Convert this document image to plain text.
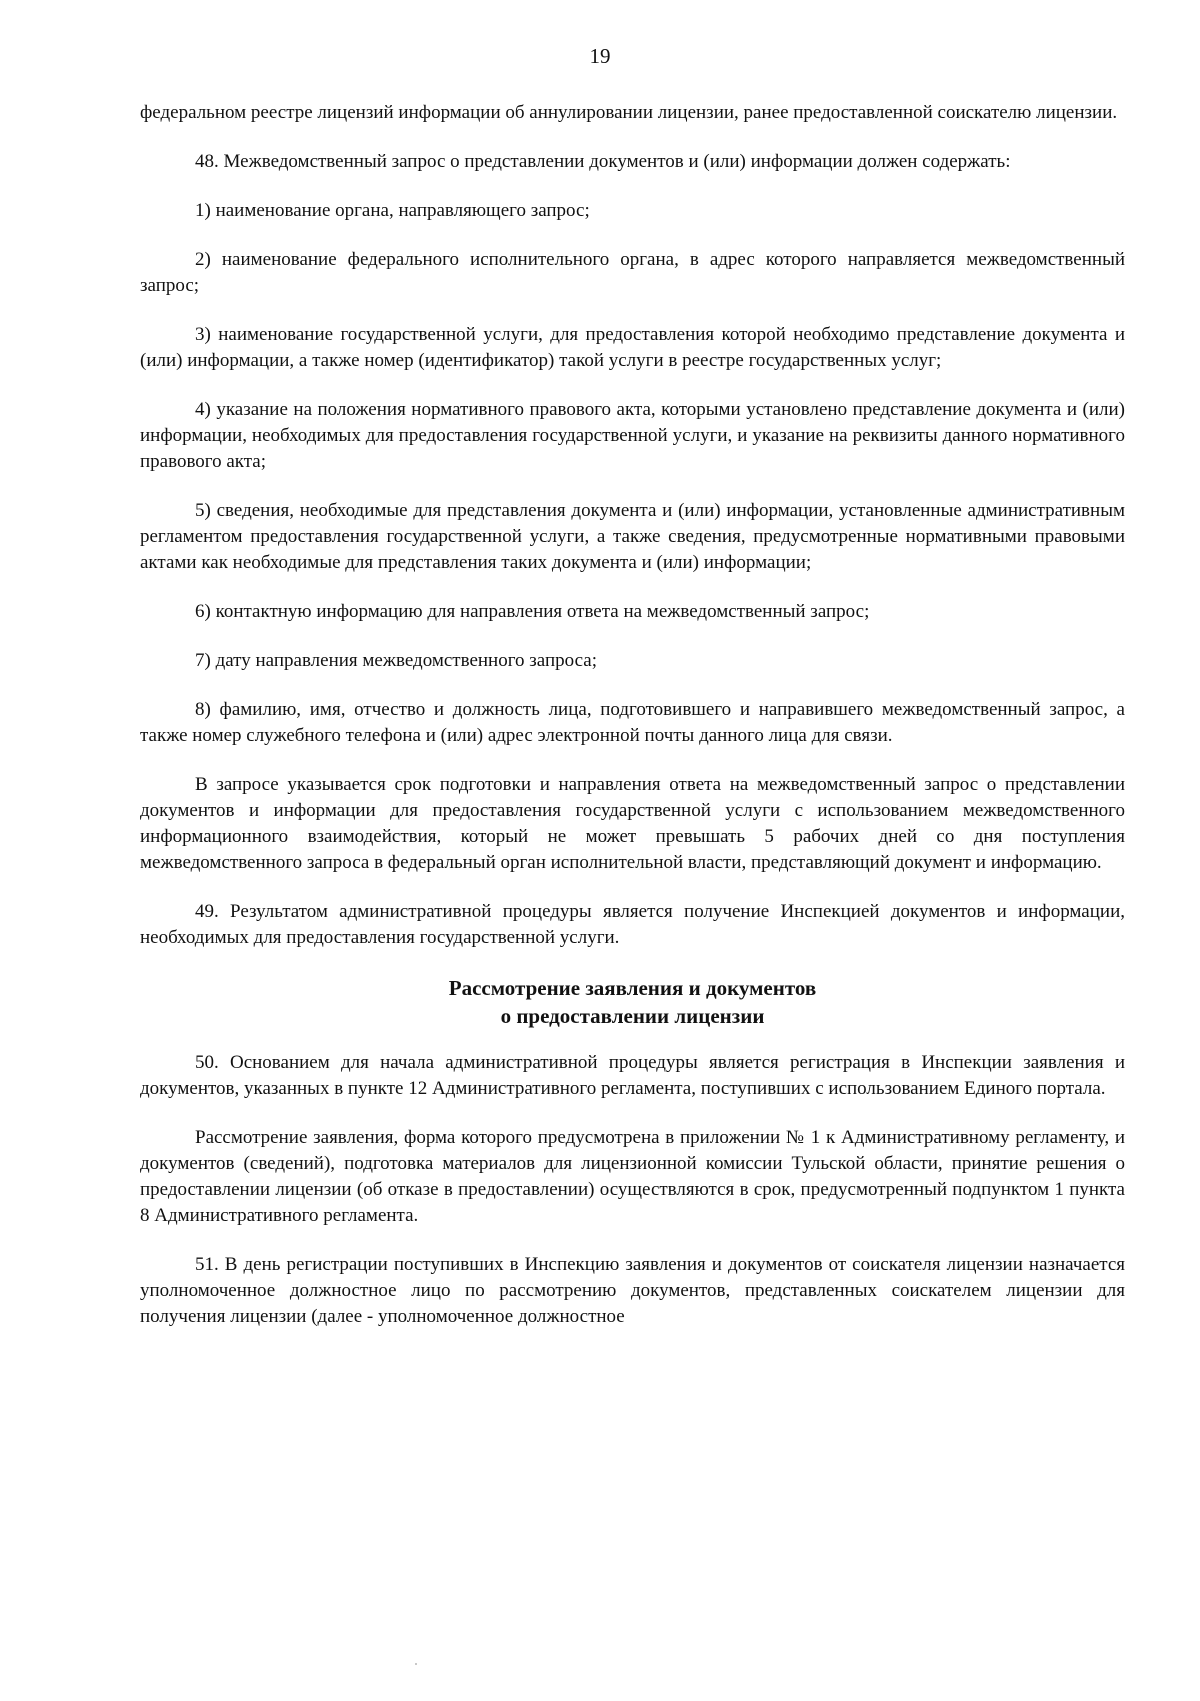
19

федеральном реестре лицензий информации об аннулировании лицензии, ранее предоставленной соискателю лицензии.

48. Межведомственный запрос о представлении документов и (или) информации должен содержать:

1) наименование органа, направляющего запрос;

2) наименование федерального исполнительного органа, в адрес которого направляется межведомственный запрос;

3) наименование государственной услуги, для предоставления которой необходимо представление документа и (или) информации, а также номер (идентификатор) такой услуги в реестре государственных услуг;

4) указание на положения нормативного правового акта, которыми установлено представление документа и (или) информации, необходимых для предоставления государственной услуги, и указание на реквизиты данного нормативного правового акта;

5) сведения, необходимые для представления документа и (или) информации, установленные административным регламентом предоставления государственной услуги, а также сведения, предусмотренные нормативными правовыми актами как необходимые для представления таких документа и (или) информации;

6) контактную информацию для направления ответа на межведомственный запрос;

7) дату направления межведомственного запроса;

8) фамилию, имя, отчество и должность лица, подготовившего и направившего межведомственный запрос, а также номер служебного телефона и (или) адрес электронной почты данного лица для связи.

В запросе указывается срок подготовки и направления ответа на межведомственный запрос о представлении документов и информации для предоставления государственной услуги с использованием межведомственного информационного взаимодействия, который не может превышать 5 рабочих дней со дня поступления межведомственного запроса в федеральный орган исполнительной власти, представляющий документ и информацию.

49. Результатом административной процедуры является получение Инспекцией документов и информации, необходимых для предоставления государственной услуги.

Рассмотрение заявления и документов
о предоставлении лицензии

50. Основанием для начала административной процедуры является регистрация в Инспекции заявления и документов, указанных в пункте 12 Административного регламента, поступивших с использованием Единого портала.

Рассмотрение заявления, форма которого предусмотрена в приложении № 1 к Административному регламенту, и документов (сведений), подготовка материалов для лицензионной комиссии Тульской области, принятие решения о предоставлении лицензии (об отказе в предоставлении) осуществляются в срок, предусмотренный подпунктом 1 пункта 8 Административного регламента.

51. В день регистрации поступивших в Инспекцию заявления и документов от соискателя лицензии назначается уполномоченное должностное лицо по рассмотрению документов, представленных соискателем лицензии для получения лицензии (далее - уполномоченное должностное
